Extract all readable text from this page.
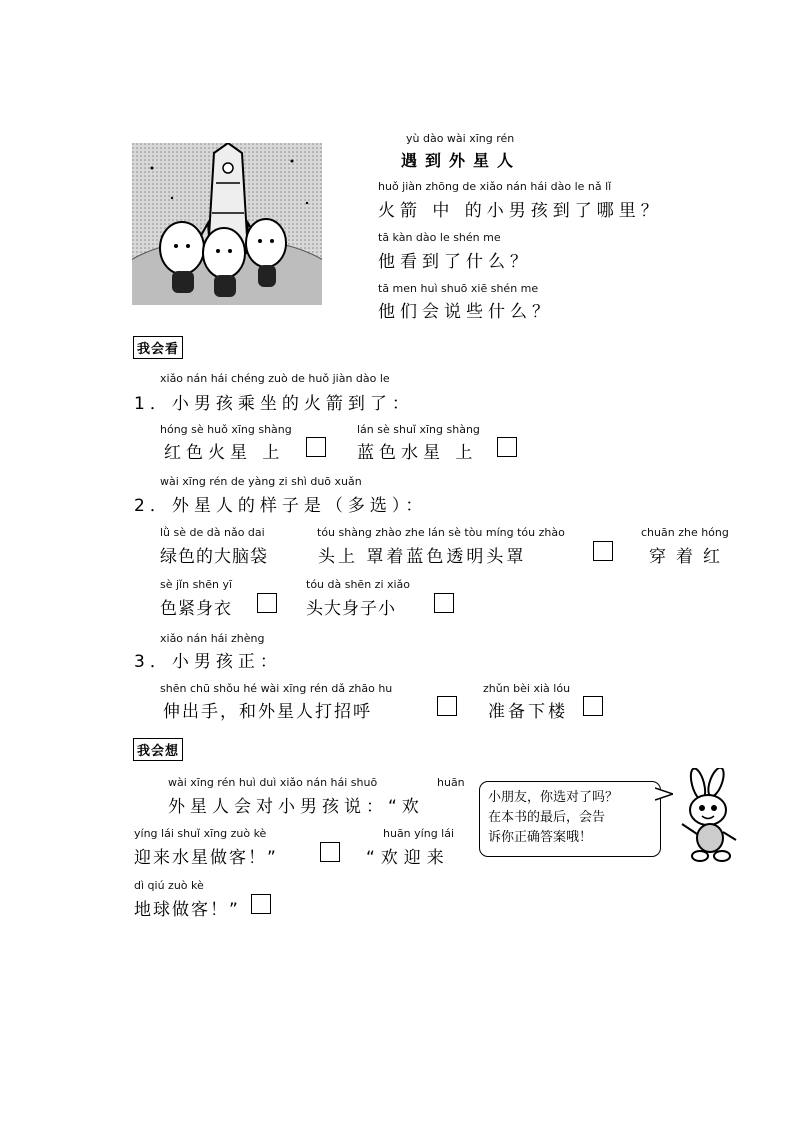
yù dào wài xīng rén
遇到外星人
huǒ jiàn zhōng de xiǎo nán hái dào le nǎ lǐ
火箭 中 的小男孩到了哪里？
tā kàn dào le shén me
他看到了什么？
tā men huì shuō xiē shén me
他们会说些什么？
我会看
xiǎo nán hái chéng zuò de huǒ jiàn dào le
1．小男孩乘坐的火箭到了：
hóng sè huǒ xīng shàng
红色火星 上
lán sè shuǐ xīng shàng
蓝色水星 上
wài xīng rén de yàng zi shì duō xuǎn
2．外星人的样子是（多选）：
lǜ sè de dà nǎo dai
绿色的大脑袋
tóu shàng zhào zhe lán sè tòu míng tóu zhào
头上 罩着蓝色透明头罩
chuān zhe hóng
穿着红
sè jǐn shēn yī
色紧身衣
tóu dà shēn zi xiǎo
头大身子小
xiǎo nán hái zhèng
3．小男孩正：
shēn chū shǒu hé wài xīng rén dǎ zhāo hu
伸出手，和外星人打招呼
zhǔn bèi xià lóu
准备下楼
我会想
wài xīng rén huì duì xiǎo nán hái shuō	huān
外星人会对小男孩说：“欢
yíng lái shuǐ xīng zuò kè
迎来水星做客！”
huān yíng lái
“欢迎来
dì qiú zuò kè
地球做客！”
小朋友，你选对了吗？
在本书的最后，会告
诉你正确答案哦！
